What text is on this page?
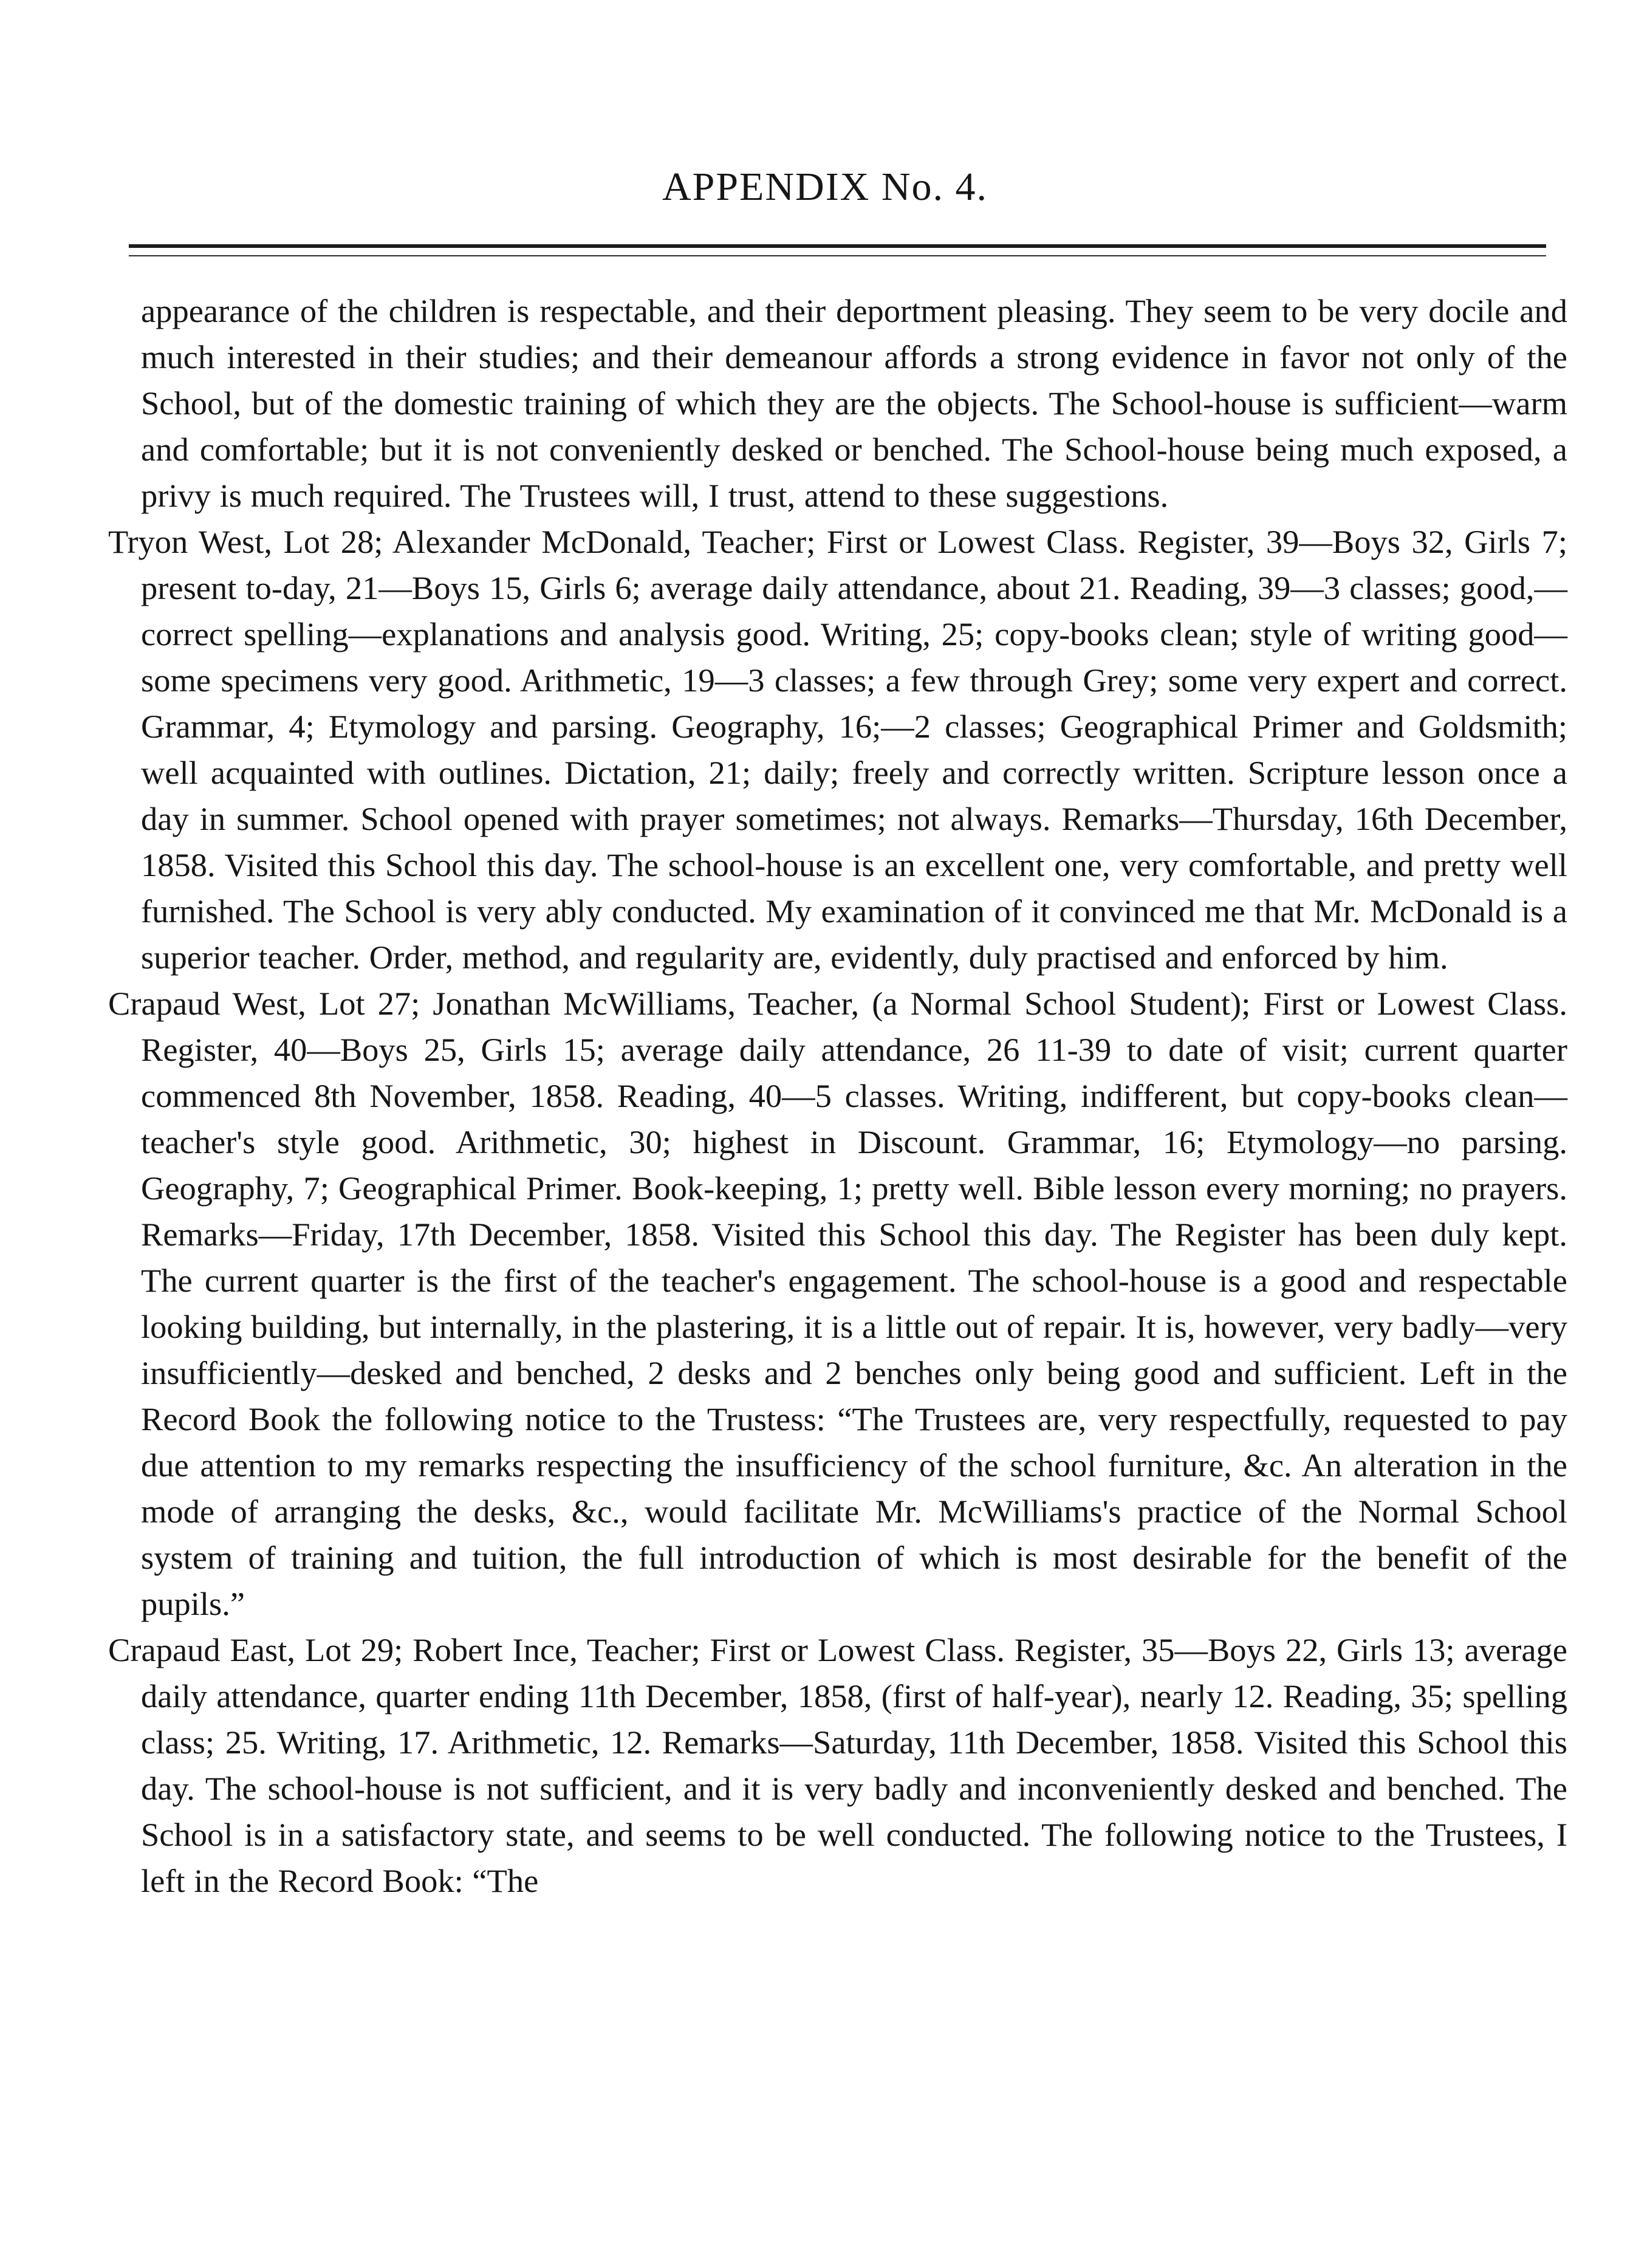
APPENDIX No. 4.

appearance of the children is respectable, and their deportment pleasing. They seem to be very docile and much interested in their studies; and their demeanour affords a strong evidence in favor not only of the School, but of the domestic training of which they are the objects. The School-house is sufficient—warm and comfortable; but it is not conveniently desked or benched. The School-house being much exposed, a privy is much required. The Trustees will, I trust, attend to these suggestions.

Tryon West, Lot 28; Alexander McDonald, Teacher; First or Lowest Class. Register, 39—Boys 32, Girls 7; present to-day, 21—Boys 15, Girls 6; average daily attendance, about 21. Reading, 39—3 classes; good,—correct spelling—explanations and analysis good. Writing, 25; copy-books clean; style of writing good—some specimens very good. Arithmetic, 19—3 classes; a few through Grey; some very expert and correct. Grammar, 4; Etymology and parsing. Geography, 16;—2 classes; Geographical Primer and Goldsmith; well acquainted with outlines. Dictation, 21; daily; freely and correctly written. Scripture lesson once a day in summer. School opened with prayer sometimes; not always. Remarks—Thursday, 16th December, 1858. Visited this School this day. The school-house is an excellent one, very comfortable, and pretty well furnished. The School is very ably conducted. My examination of it convinced me that Mr. McDonald is a superior teacher. Order, method, and regularity are, evidently, duly practised and enforced by him.

Crapaud West, Lot 27; Jonathan McWilliams, Teacher, (a Normal School Student); First or Lowest Class. Register, 40—Boys 25, Girls 15; average daily attendance, 26 11-39 to date of visit; current quarter commenced 8th November, 1858. Reading, 40—5 classes. Writing, indifferent, but copy-books clean—teacher's style good. Arithmetic, 30; highest in Discount. Grammar, 16; Etymology—no parsing. Geography, 7; Geographical Primer. Book-keeping, 1; pretty well. Bible lesson every morning; no prayers. Remarks—Friday, 17th December, 1858. Visited this School this day. The Register has been duly kept. The current quarter is the first of the teacher's engagement. The school-house is a good and respectable looking building, but internally, in the plastering, it is a little out of repair. It is, however, very badly—very insufficiently—desked and benched, 2 desks and 2 benches only being good and sufficient. Left in the Record Book the following notice to the Trustess: “The Trustees are, very respectfully, requested to pay due attention to my remarks respecting the insufficiency of the school furniture, &c. An alteration in the mode of arranging the desks, &c., would facilitate Mr. McWilliams's practice of the Normal School system of training and tuition, the full introduction of which is most desirable for the benefit of the pupils.”

Crapaud East, Lot 29; Robert Ince, Teacher; First or Lowest Class. Register, 35—Boys 22, Girls 13; average daily attendance, quarter ending 11th December, 1858, (first of half-year), nearly 12. Reading, 35; spelling class; 25. Writing, 17. Arithmetic, 12. Remarks—Saturday, 11th December, 1858. Visited this School this day. The school-house is not sufficient, and it is very badly and inconveniently desked and benched. The School is in a satisfactory state, and seems to be well conducted. The following notice to the Trustees, I left in the Record Book: “The
